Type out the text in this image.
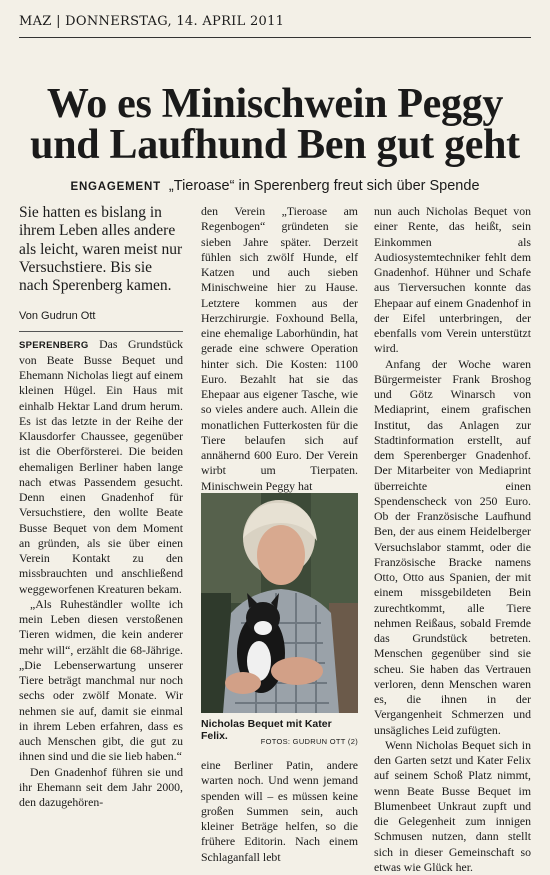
MAZ | DONNERSTAG, 14. APRIL 2011
Wo es Minischwein Peggy
und Laufhund Ben gut geht
ENGAGEMENT „Tieroase“ in Sperenberg freut sich über Spende
Sie hatten es bislang in ihrem Leben alles andere als leicht, waren meist nur Versuchstiere. Bis sie nach Sperenberg kamen.
Von Gudrun Ott

SPERENBERG Das Grundstück von Beate Busse Bequet und Ehemann Nicholas liegt auf einem kleinen Hügel. Ein Haus mit einhalb Hektar Land drum herum. Es ist das letzte in der Reihe der Klausdorfer Chaussee, gegenüber ist die Oberförsterei. Die beiden ehemaligen Berliner haben lange nach etwas Passendem gesucht. Denn einen Gnadenhof für Versuchstiere, den wollte Beate Busse Bequet von dem Moment an gründen, als sie über einen Verein Kontakt zu den missbrauchten und anschließend weggeworfenen Kreaturen bekam.

„Als Ruheständler wollte ich mein Leben diesen verstoßenen Tieren widmen, die kein anderer mehr will“, erzählt die 68-Jährige. „Die Lebenserwartung unserer Tiere beträgt manchmal nur noch sechs oder zwölf Monate. Wir nehmen sie auf, damit sie einmal in ihrem Leben erfahren, dass es auch Menschen gibt, die gut zu ihnen sind und die sie lieb haben.“

Den Gnadenhof führen sie und ihr Ehemann seit dem Jahr 2000, den dazugehören-

den Verein „Tieroase am Regenbogen“ gründeten sie sieben Jahre später. Derzeit fühlen sich zwölf Hunde, elf Katzen und auch sieben Minischweine hier zu Hause. Letztere kommen aus der Herzchirurgie. Foxhound Bella, eine ehemalige Laborhündin, hat gerade eine schwere Operation hinter sich. Die Kosten: 1100 Euro. Bezahlt hat sie das Ehepaar aus eigener Tasche, wie so vieles andere auch. Allein die monatlichen Futterkosten für die Tiere belaufen sich auf annähernd 600 Euro. Der Verein wirbt um Tierpaten. Minischwein Peggy hat

Nicholas Bequet mit Kater Felix.	FOTOS: GUDRUN OTT (2)

eine Berliner Patin, andere warten noch. Und wenn jemand spenden will – es müssen keine großen Summen sein, auch kleiner Beträge helfen, so die frühere Editorin. Nach einem Schlaganfall lebt

nun auch Nicholas Bequet von einer Rente, das heißt, sein Einkommen als Audiosystemtechniker fehlt dem Gnadenhof. Hühner und Schafe aus Tierversuchen konnte das Ehepaar auf einem Gnadenhof in der Eifel unterbringen, der ebenfalls vom Verein unterstützt wird.

Anfang der Woche waren Bürgermeister Frank Broshog und Götz Winarsch von Mediaprint, einem grafischen Institut, das Anlagen zur Stadtinformation erstellt, auf dem Sperenberger Gnadenhof. Der Mitarbeiter von Mediaprint überreichte einen Spendenscheck von 250 Euro. Ob der Französische Laufhund Ben, der aus einem Heidelberger Versuchslabor stammt, oder die Französische Bracke namens Otto, Otto aus Spanien, der mit einem missgebildeten Bein zurechtkommt, alle Tiere nehmen Reißaus, sobald Fremde das Grundstück betreten. Menschen gegenüber sind sie scheu. Sie haben das Vertrauen verloren, denn Menschen waren es, die ihnen in der Vergangenheit Schmerzen und unsägliches Leid zufügten.

Wenn Nicholas Bequet sich in den Garten setzt und Kater Felix auf seinem Schoß Platz nimmt, wenn Beate Busse Bequet im Blumenbeet Unkraut zupft und die Gelegenheit zum innigen Schmusen nutzen, dann stellt sich in dieser Gemeinschaft so etwas wie Glück her.
